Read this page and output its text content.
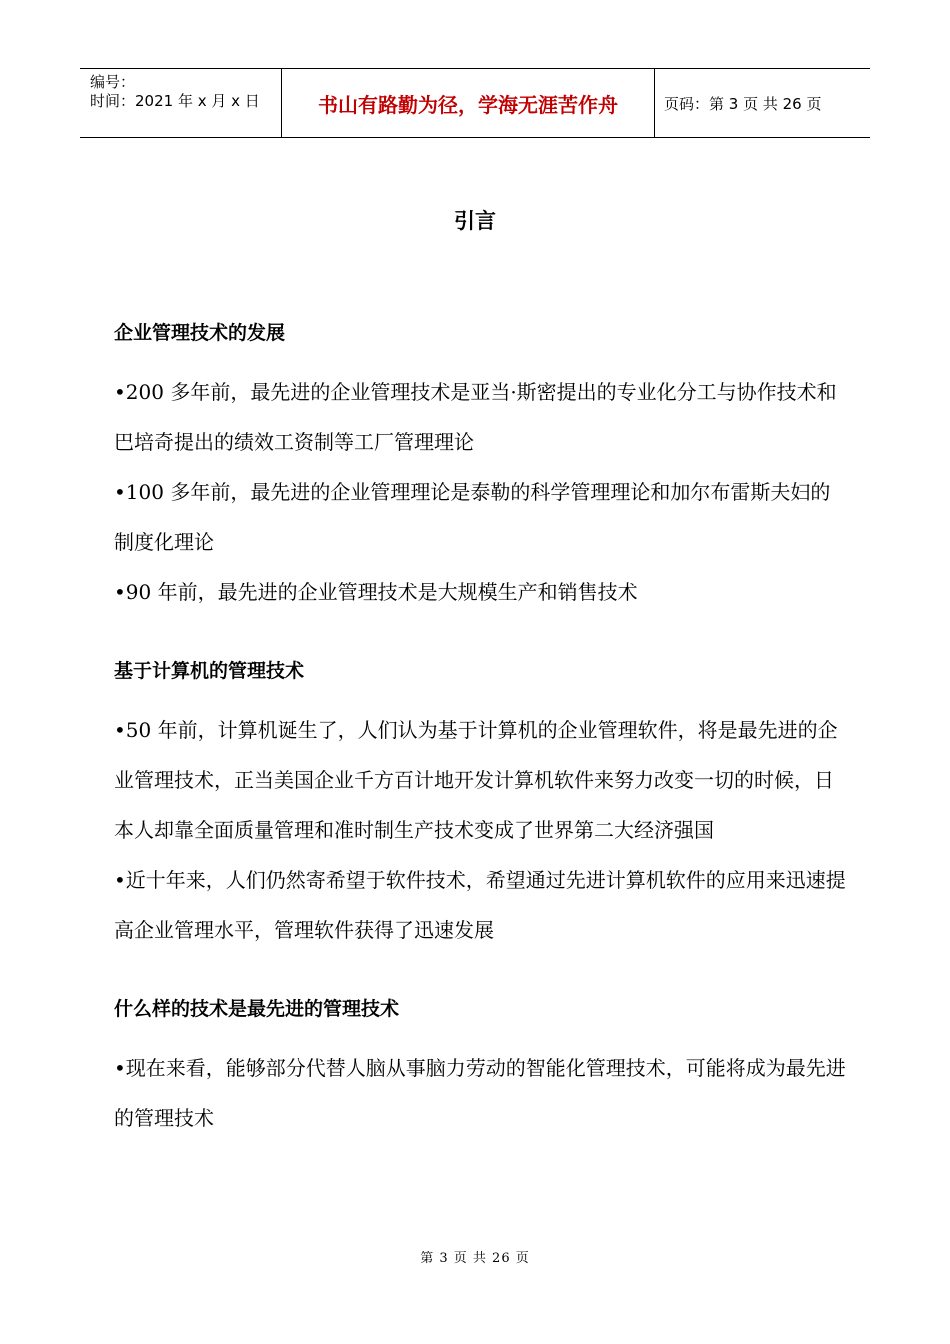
编号：
时间：2021 年 x 月 x 日	书山有路勤为径，学海无涯苦作舟	页码：第 3 页 共 26 页
引言
企业管理技术的发展

•200 多年前，最先进的企业管理技术是亚当·斯密提出的专业化分工与协作技术和巴培奇提出的绩效工资制等工厂管理理论

•100 多年前，最先进的企业管理理论是泰勒的科学管理理论和加尔布雷斯夫妇的制度化理论

•90 年前，最先进的企业管理技术是大规模生产和销售技术

基于计算机的管理技术

•50 年前，计算机诞生了，人们认为基于计算机的企业管理软件，将是最先进的企业管理技术，正当美国企业千方百计地开发计算机软件来努力改变一切的时候，日本人却靠全面质量管理和准时制生产技术变成了世界第二大经济强国

•近十年来，人们仍然寄希望于软件技术，希望通过先进计算机软件的应用来迅速提高企业管理水平，管理软件获得了迅速发展

什么样的技术是最先进的管理技术

•现在来看，能够部分代替人脑从事脑力劳动的智能化管理技术，可能将成为最先进的管理技术

第 3 页 共 26 页
